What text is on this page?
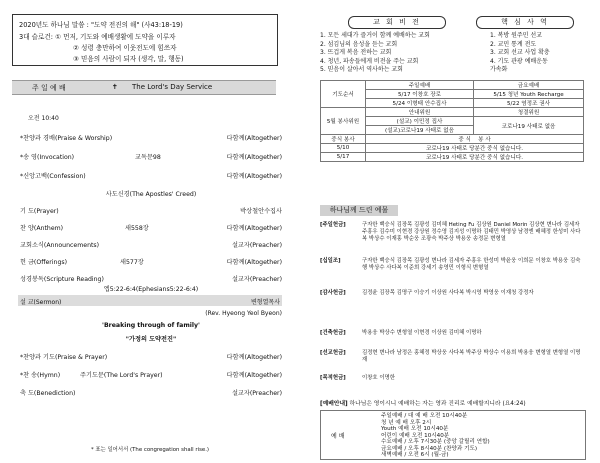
2020년도 하나님 말씀 : "도약 전진의 해" (사43:18-19)
3대 슬로건: ① 먼저, 기도와 예배생활에 도약을 이루자
② 성령 충만하여 이웃전도에 힘쓰자
③ 믿음의 사람이 되자 (생각, 말, 행동)
주 일 예 배	✝ The Lord's Day Service
오전 10:40
*찬양과 경배(Praise & Worship)	다함께(Altogether)
*송 영(Invocation)	교독문98	다함께(Altogether)
*신앙고백(Confession)	다함께(Altogether)
사도신경(The Apostles' Creed)
기 도(Prayer)	박상철안수집사
찬 양(Anthem)	새558장	다함께(Altogether)
교회소식(Announcements)	설교자(Preacher)
헌 금(Offerings)	새577장	다함께(Altogether)
성경봉독(Scripture Reading)	설교자(Preacher)
엡5:22-6:4(Ephesians5:22-6:4)
설 교(Sermon)	변형열목사
(Rev. Hyeong Yeol Byeon)
'Breaking through of family'
"가정의 도약전진"
*찬양과 기도(Praise & Prayer)	다함께(Altogether)
*찬 송(Hymn)	주기도문(The Lord's Prayer)	다함께(Altogether)
축 도(Benediction)	설교자(Preacher)
* 표는 일어서서 (The congregation shall rise.)
교 회 비 전	핵 심 사 역
1. 모든 세대가 즐거이 함께 예배하는 교회
2. 섬김님의 음성을 듣는 교회
3. 뜨겁게 복음 전하는 교회
4. 청년, 파송들에게 비전을 주는 교회
5. 믿음이 살아서 역사하는 교회
1. 복방 원주민 선교
2. 교민 통계 전도
3. 교회 선교 사업 확충
4. 기도 관광 예배운동
가속화
기도순서	주일예배	금요예배
	5/17 이창호 장로	5/15 청년 Youth Recharge
	5/24 이형태 안수집사	5/22 염정조 권사
5월 봉사위원	안내위원	청결위원
	(설교) 이민정 집사	코로나19 사태로 없음
	(설교)코로나19 사태로 없음	
중식 봉사	중 식 봉 사	
5/10	코로나19 사태로 당분간 중식 없습니다.	
5/17	코로나19 사태로 당분간 중식 없습니다.	
하나님께 드린 예물
[주일헌금]	구자한 백승식 김장목 김광성 김미혜 Heting Fu 김상원 Daniel Morin 김상현 변나라 김세자 주흥우 김수미 이현경 강상원 정수영 김지성 이명하 김태민 박영상 남경엔 배혜정 한성미 사다복 박상수 이재홍 박순웅 조광숙 박주상 박용웅 송정문 변형열
[십일조]	구자한 백승식 김장목 김광성 변나라 김세자 주흥우 한성미 박윤웅 이희문 이창호 박용웅 김숙행 박상수 사다복 이준희 강세기 송영민 이형식 변형열
[감사헌금]	김정윤 김장목 김명구 이승기 이상원 사다복 박시영 박영웅 이재청 강정자
[건축헌금]	박용웅 박상수 변형열 이현경 이상원 김미혜 이명하
[선교헌금]	김정현 변나라 남정은 홍혜정 박상웅 사다복 박주상 박상수 이용희 박용웅 변형열 변형열 이명재
[목적헌금]	이창호 이명한
[예배안내] 하나님은 영이시니 예배하는 자는 영과 진리로 예배할지니라 (요4:24)
예 배
주일예배 / 대 예 배 오전 10시40분
청 년 예 배 오후 2시
Youth 예배 오전 10시40분
어린이 예배 오전 10시40분
수요예배 / 오후 7시30분 (중앙 갈릴리 연합)
금요예배 / 오후 8시40분 (찬양과 기도)
새벽예배 / 오전 6시 (월-금)
